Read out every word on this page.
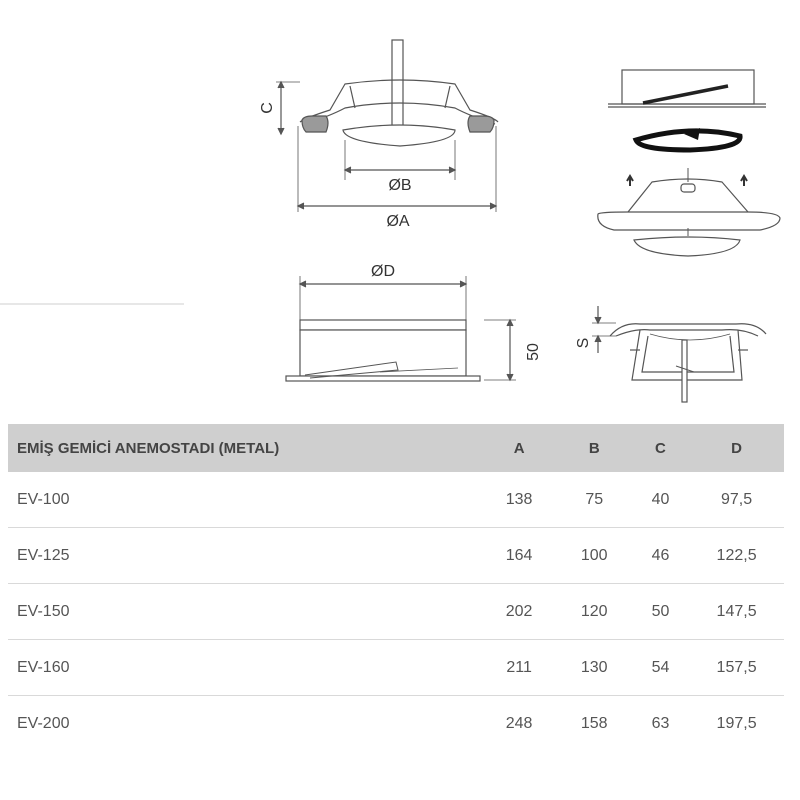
C
ØB
ØA
ØD
50
S
EMİŞ GEMİCİ ANEMOSTADI (METAL)	A	B	C	D
EV-100	138	75	40	97,5
EV-125	164	100	46	122,5
EV-150	202	120	50	147,5
EV-160	211	130	54	157,5
EV-200	248	158	63	197,5
